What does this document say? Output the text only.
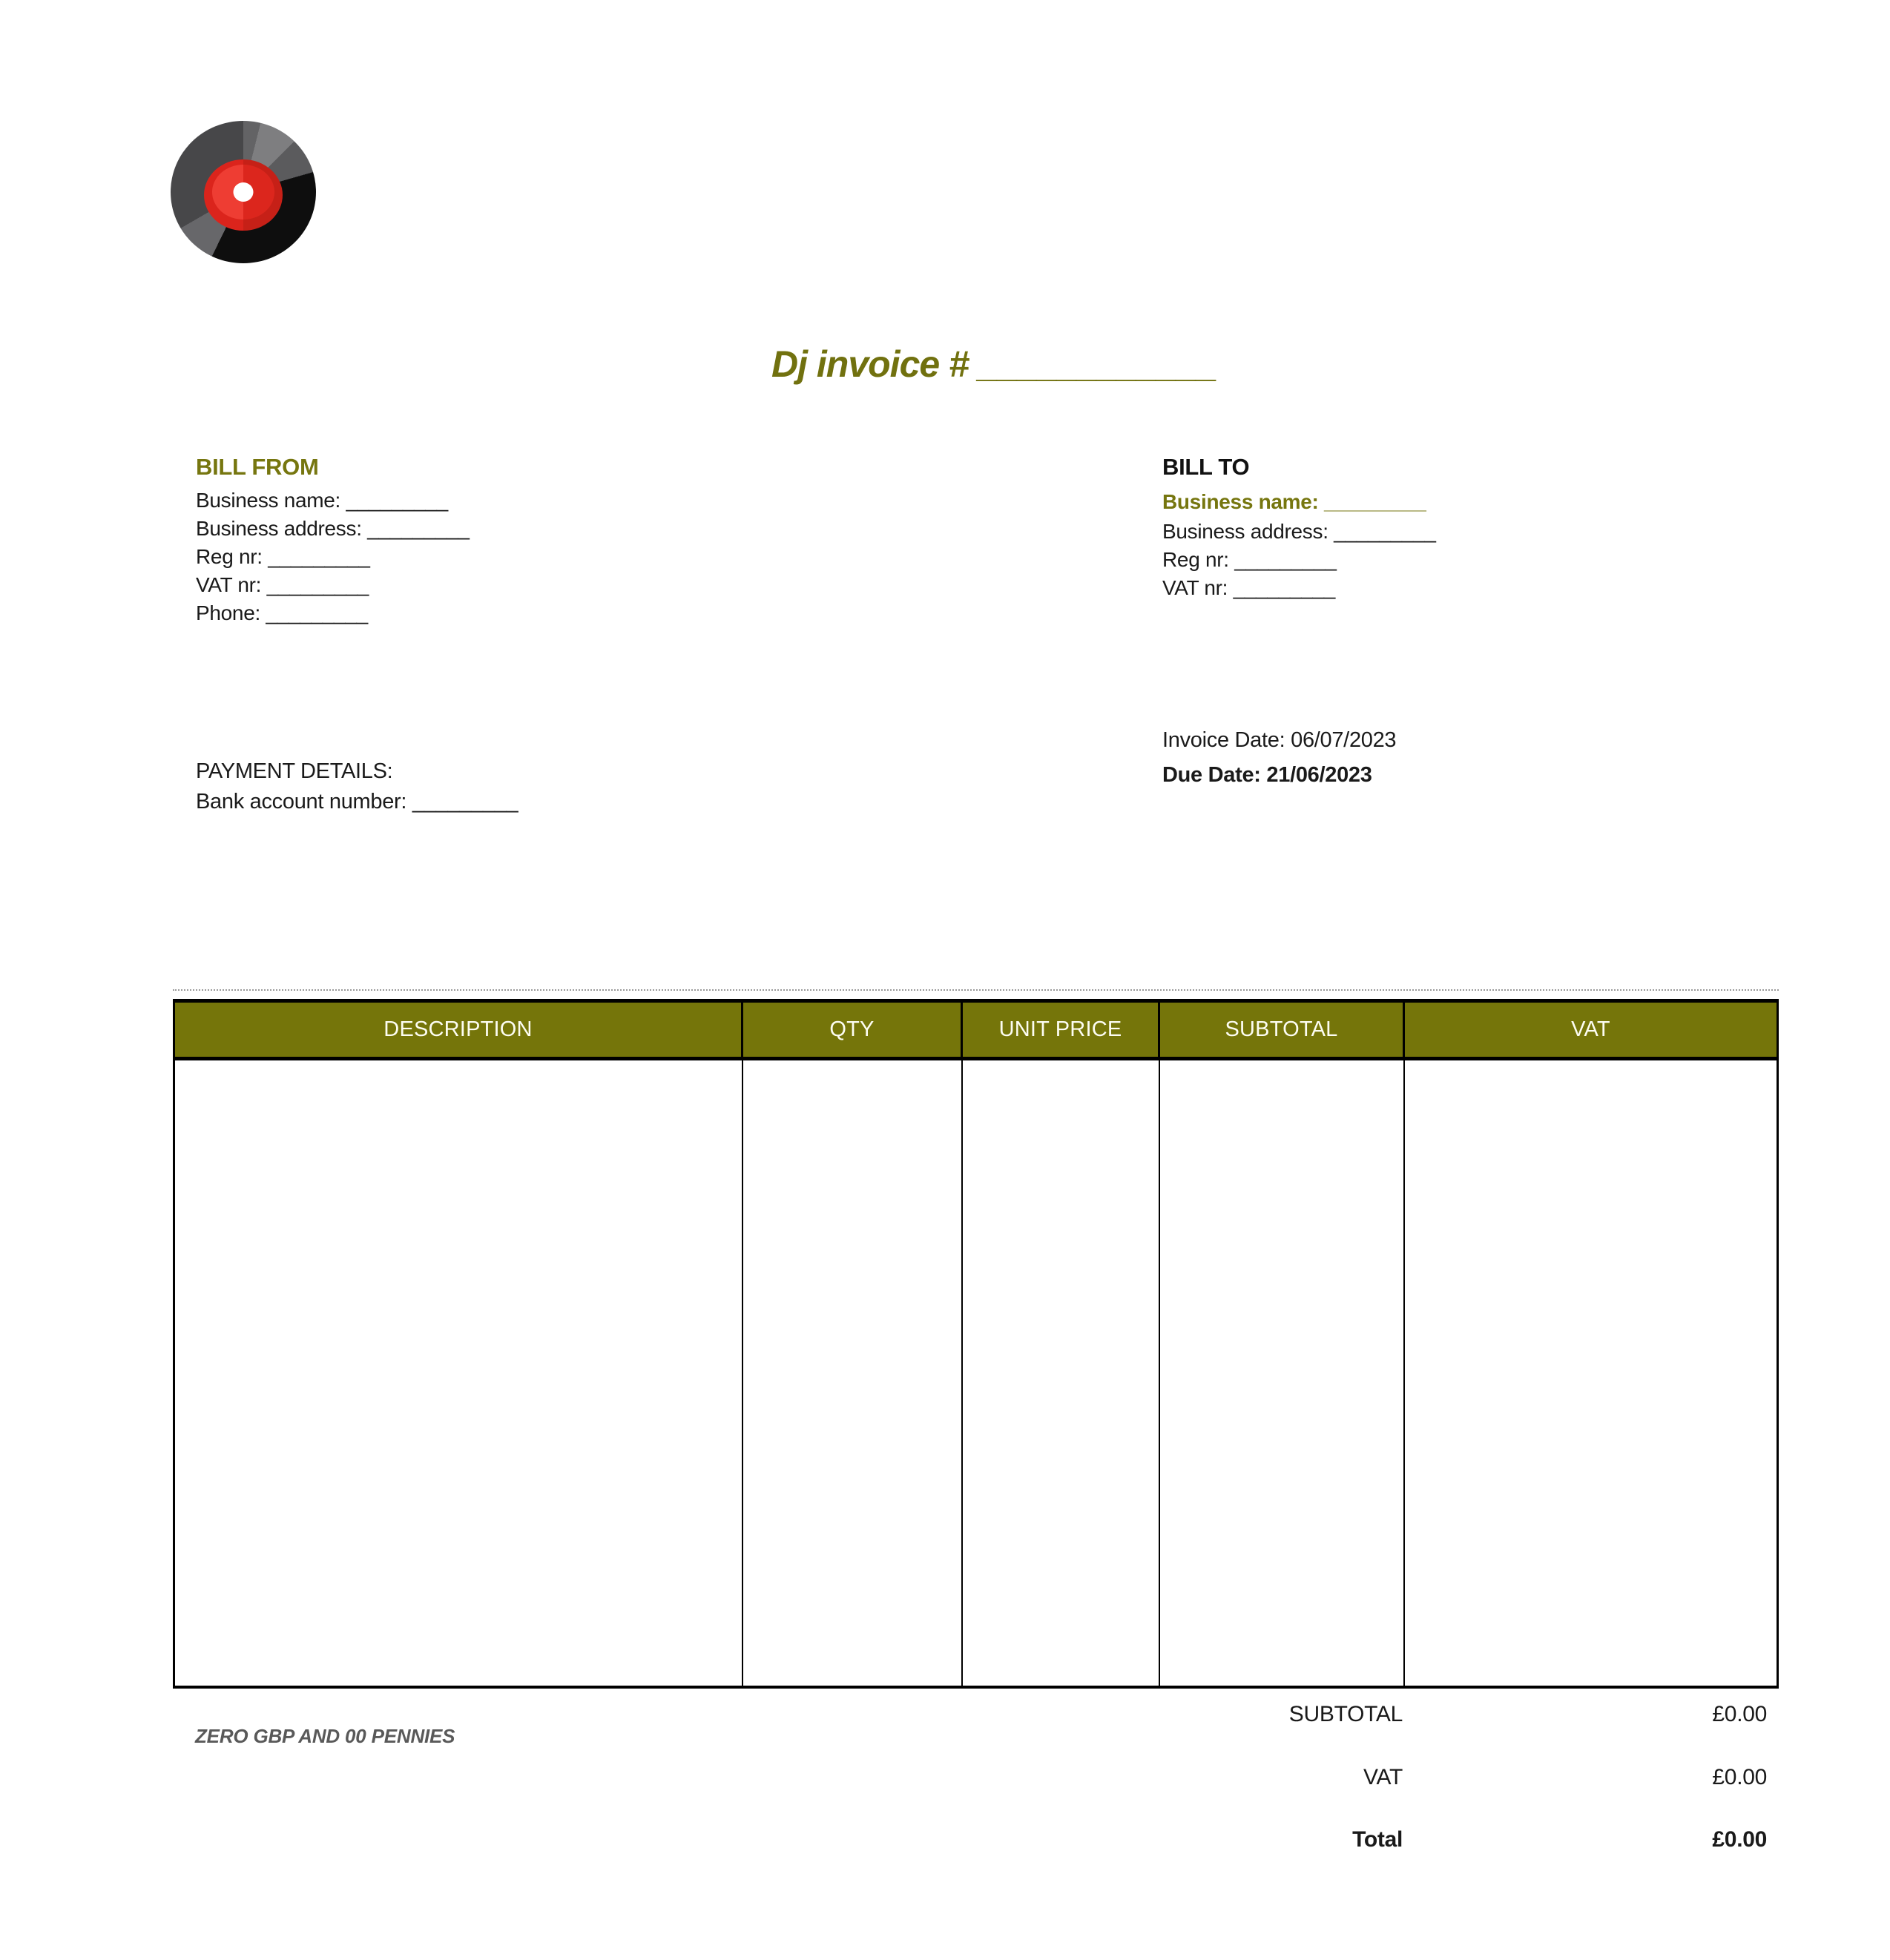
Dj invoice # ____________
BILL FROM
Business name: _________
Business address: _________
Reg nr: _________
VAT nr: _________
Phone: _________
BILL TO
Business name: _________
Business address: _________
Reg nr: _________
VAT nr: _________
Invoice Date: 06/07/2023
Due Date: 21/06/2023
PAYMENT DETAILS:
Bank account number: _________
DESCRIPTION	QTY	UNIT PRICE	SUBTOTAL	VAT
SUBTOTAL	£0.00
VAT	£0.00
Total	£0.00
ZERO GBP AND 00 PENNIES
